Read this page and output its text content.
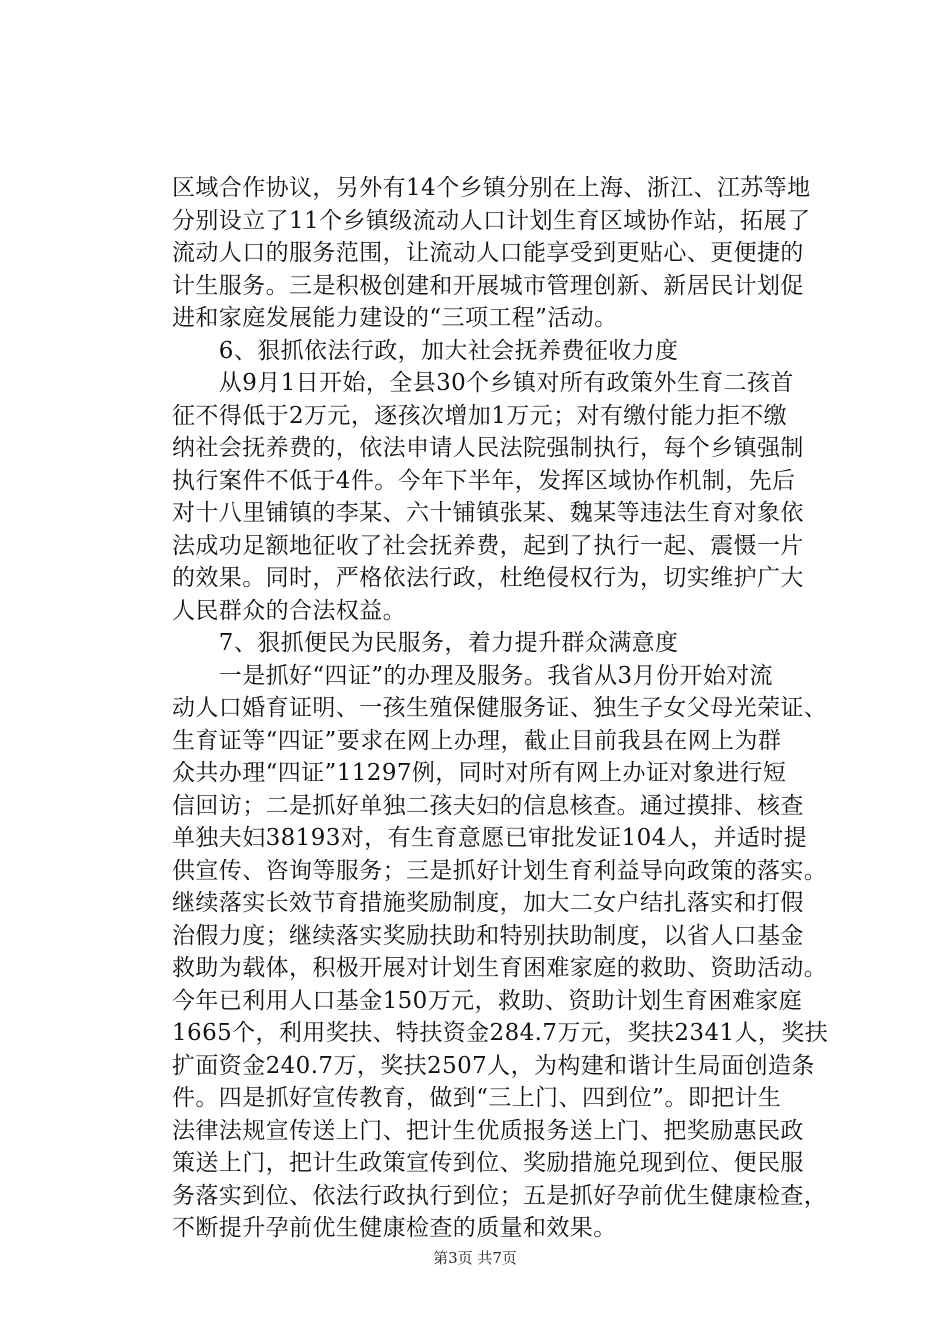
区域合作协议，另外有14个乡镇分别在上海、浙江、江苏等地
分别设立了11个乡镇级流动人口计划生育区域协作站，拓展了
流动人口的服务范围，让流动人口能享受到更贴心、更便捷的
计生服务。三是积极创建和开展城市管理创新、新居民计划促
进和家庭发展能力建设的“三项工程”活动。
　　6、狠抓依法行政，加大社会抚养费征收力度
　　从9月1日开始，全县30个乡镇对所有政策外生育二孩首
征不得低于2万元，逐孩次增加1万元；对有缴付能力拒不缴
纳社会抚养费的，依法申请人民法院强制执行，每个乡镇强制
执行案件不低于4件。今年下半年，发挥区域协作机制，先后
对十八里铺镇的李某、六十铺镇张某、魏某等违法生育对象依
法成功足额地征收了社会抚养费，起到了执行一起、震慑一片
的效果。同时，严格依法行政，杜绝侵权行为，切实维护广大
人民群众的合法权益。
　　7、狠抓便民为民服务，着力提升群众满意度
　　一是抓好“四证”的办理及服务。我省从3月份开始对流
动人口婚育证明、一孩生殖保健服务证、独生子女父母光荣证、
生育证等“四证”要求在网上办理，截止目前我县在网上为群
众共办理“四证”11297例，同时对所有网上办证对象进行短
信回访；二是抓好单独二孩夫妇的信息核查。通过摸排、核查
单独夫妇38193对，有生育意愿已审批发证104人，并适时提
供宣传、咨询等服务；三是抓好计划生育利益导向政策的落实。
继续落实长效节育措施奖励制度，加大二女户结扎落实和打假
治假力度；继续落实奖励扶助和特别扶助制度，以省人口基金
救助为载体，积极开展对计划生育困难家庭的救助、资助活动。
今年已利用人口基金150万元，救助、资助计划生育困难家庭
1665个，利用奖扶、特扶资金284.7万元，奖扶2341人，奖扶
扩面资金240.7万，奖扶2507人，为构建和谐计生局面创造条
件。四是抓好宣传教育，做到“三上门、四到位”。即把计生
法律法规宣传送上门、把计生优质报务送上门、把奖励惠民政
策送上门，把计生政策宣传到位、奖励措施兑现到位、便民服
务落实到位、依法行政执行到位；五是抓好孕前优生健康检查，
不断提升孕前优生健康检查的质量和效果。
第3页 共7页
